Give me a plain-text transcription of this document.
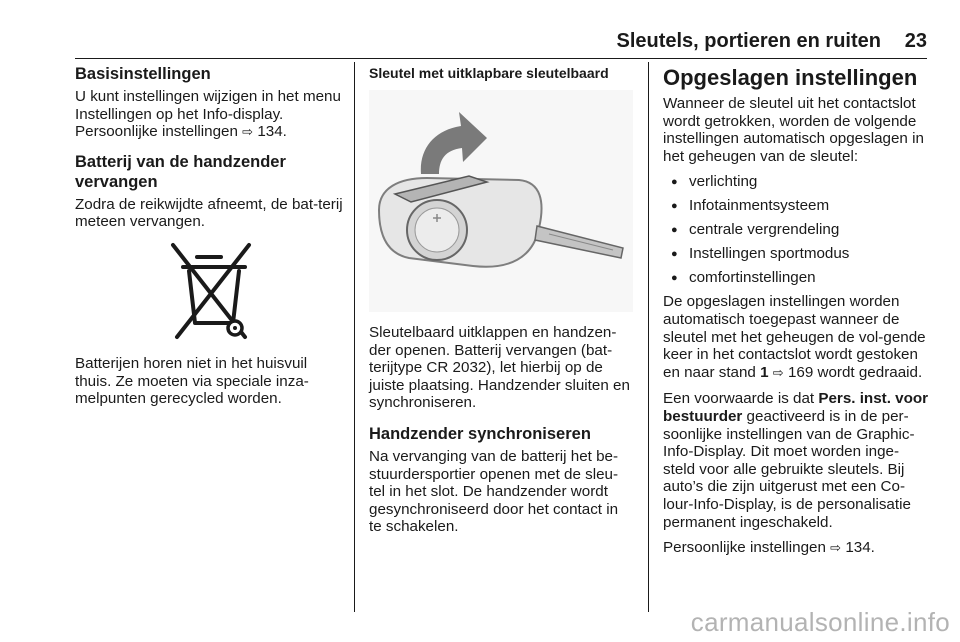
Sleutels, portieren en ruiten 23
Basisinstellingen

U kunt instellingen wijzigen in het menu Instellingen op het Info-display. Persoonlijke instellingen ⇨ 134.

Batterij van de handzender vervangen

Zodra de reikwijdte afneemt, de bat-terij meteen vervangen.

Batterijen horen niet in het huisvuil thuis. Ze moeten via speciale inza-melpunten gerecycled worden.

Sleutel met uitklapbare sleutelbaard

Sleutelbaard uitklappen en handzen-der openen. Batterij vervangen (bat-terijtype CR 2032), let hierbij op de juiste plaatsing. Handzender sluiten en synchroniseren.

Handzender synchroniseren

Na vervanging van de batterij het be-stuurdersportier openen met de sleu-tel in het slot. De handzender wordt gesynchroniseerd door het contact in te schakelen.

Opgeslagen instellingen

Wanneer de sleutel uit het contactslot wordt getrokken, worden de volgende instellingen automatisch opgeslagen in het geheugen van de sleutel:

● verlichting
● Infotainmentsysteem
● centrale vergrendeling
● Instellingen sportmodus
● comfortinstellingen

De opgeslagen instellingen worden automatisch toegepast wanneer de sleutel met het geheugen de vol-gende keer in het contactslot wordt gestoken en naar stand 1 ⇨ 169 wordt gedraaid.

Een voorwaarde is dat Pers. inst. voor bestuurder geactiveerd is in de per-soonlijke instellingen van de Graphic-Info-Display. Dit moet worden inge-steld voor alle gebruikte sleutels. Bij auto’s die zijn uitgerust met een Co-lour-Info-Display, is de personalisatie permanent ingeschakeld.

Persoonlijke instellingen ⇨ 134.

carmanualsonline.info
